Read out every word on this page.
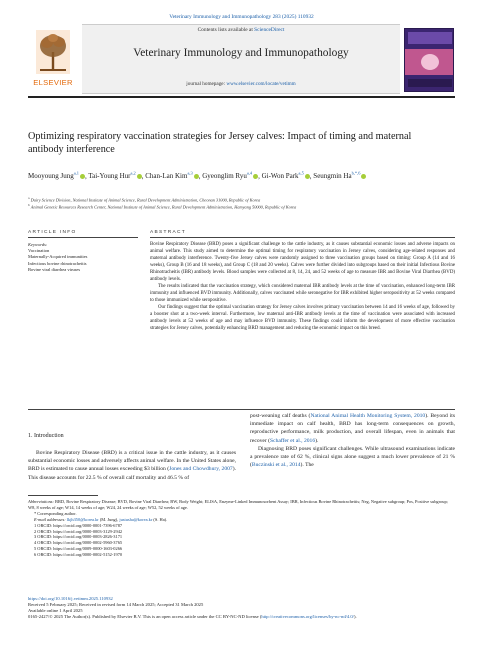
Veterinary Immunology and Immunopathology 283 (2025) 110932
ELSEVIER
Contents lists available at ScienceDirect
Veterinary Immunology and Immunopathology
journal homepage: www.elsevier.com/locate/vetimm
Optimizing respiratory vaccination strategies for Jersey calves: Impact of timing and maternal antibody interference
Mooyoung Jung$^{a,1}$ , Tai-Young Hur$^{a,2}$ , Chan-Lan Kim$^{a,3}$ , Gyeonglim Ryu$^{a,4}$ , Gi-Won Park$^{a,5}$ , Seungmin $Ha^{b,*,6}$
$^a$ Dairy Science Division, National Institute of Animal Science, Rural Development Administration, Cheonan 31000, Republic of Korea
$^b$ Animal Genetic Resources Research Center, National Institute of Animal Science, Rural Development Administration, Hamyang 50000, Republic of Korea
ARTICLE INFO	ABSTRACT
Keywords:
Vaccination
Maternally-Acquired immunities
Infectious bovine rhinotracheitis
Bovine viral diarrhea viruses

Bovine Respiratory Disease (BRD) poses a significant challenge to the cattle industry, as it causes substantial economic losses and adverse impacts on animal welfare. This study aimed to determine the optimal timing for respiratory vaccination in Jersey calves, considering age-related responses and maternal antibody interference. Twenty-five Jersey calves were randomly assigned to three vaccination groups based on timing: Group A (14 and 16 weeks), Group B (16 and 18 weeks), and Group C (18 and 20 weeks). Calves were further divided into subgroups based on their initial Infectious Bovine Rhinotracheitis (IBR) antibody levels. Blood samples were collected at 8, 14, 24, and 52 weeks of age to measure IBR and Bovine Viral Diarrhea (BVD) antibody levels.

The results indicated that the vaccination strategy, which considered maternal IBR antibody levels at the time of vaccination, enhanced long-term IBR immunity and influenced BVD immunity. Additionally, calves vaccinated while seronegative for IBR exhibited higher seropositivity at 52 weeks compared to those immunized while seropositive.

Our findings suggest that the optimal vaccination strategy for Jersey calves involves primary vaccination between 14 and 16 weeks of age, followed by a booster shot at a two-week interval. Furthermore, low maternal anti-IBR antibody levels at the time of vaccination were associated with increased antibody levels at 52 weeks of age and may influence BVD immunity. These findings could inform the development of more effective vaccination strategies for Jersey calves, potentially enhancing BRD management and reducing the economic impact on this breed.

1. Introduction
Bovine Respiratory Disease (BRD) is a critical issue in the cattle industry, as it causes substantial economic losses and adversely affects animal welfare. In the United States alone, BRD is estimated to cause annual losses exceeding $3 billion (Jones and Chowdhury, 2007). This disease accounts for 22.5 % of overall calf mortality and 46.5 % of
post-weaning calf deaths (National Animal Health Monitoring System, 2010). Beyond its immediate impact on calf health, BRD has long-term consequences on growth, reproductive performance, milk production, and overall lifespan, even in animals that recover (Schaffer et al., 2016).
Diagnosing BRD poses significant challenges. While ultrasound examinations indicate a prevalence rate of 62 %, clinical signs alone suggest a much lower prevalence of 21 % (Buczinski et al., 2014). The
Abbreviations: BRD, Bovine Respiratory Disease; BVD, Bovine Viral Diarrhea; BW, Body Weight; ELISA, Enzyme-Linked Immunosorbent Assay; IBR, Infectious Bovine Rhinotracheitis; Neg, Negative subgroup; Pos, Positive subgroup; W8, 8 weeks of age; W14, 14 weeks of age; W24, 24 weeks of age; W52, 52 weeks of age.
* Corresponding author.
E-mail addresses: lkjh350@korea.kr (M. Jung), justusha@korea.kr (S. Ha).
1 ORCID: https://orcid.org/0000-0001-7396-6787
2 ORCID: https://orcid.org/0000-0003-3129-2942
3 ORCID: https://orcid.org/0000-0003-2826-3171
4 ORCID: https://orcid.org/0000-0002-5960-3765
5 ORCID: https://orcid.org/0009-0000-1603-0266
6 ORCID: https://orcid.org/0000-0002-5152-1970
https://doi.org/10.1016/j.vetimm.2025.110932
Received 5 February 2025; Received in revised form 14 March 2025; Accepted 31 March 2025
Available online 1 April 2025
0165-2427/© 2025 The Author(s). Published by Elsevier B.V. This is an open access article under the CC BY-NC-ND license (http://creativecommons.org/licenses/by-nc-nd/4.0/).
